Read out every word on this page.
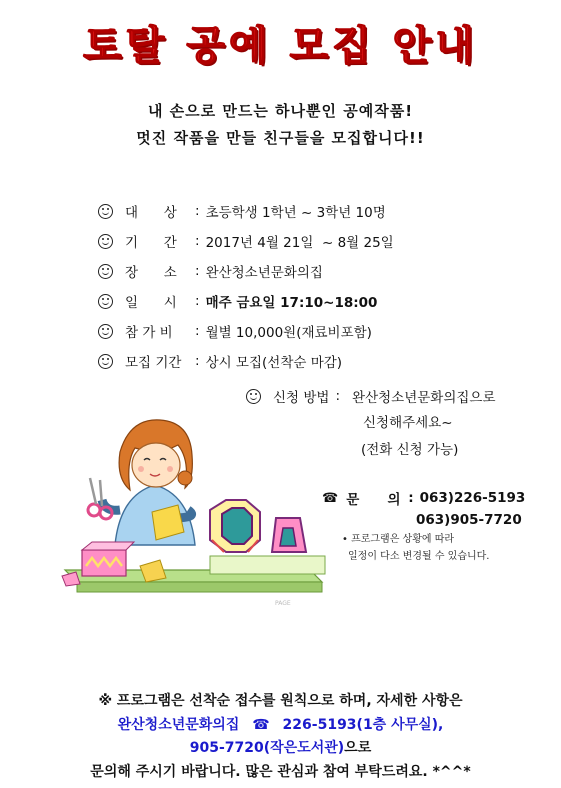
토탈 공예 모집 안내
내 손으로 만드는 하나뿐인 공예작품!
멋진 작품을 만들 친구들을 모집합니다!!
대      상	: 초등학생 1학년 ~ 3학년 10명
기      간	: 2017년 4월 21일  ~ 8월 25일
장      소	: 완산청소년문화의집
일      시	: 매주 금요일 17:10~18:00
참 가 비	: 월별 10,000원(재료비포함)
모집 기간	: 상시 모집(선착순 마감)
신청 방법 : 완산청소년문화의집으로
신청해주세요~
(전화 신청 가능)
☎ 문      의 : 063)226-5193
063)905-7720
• 프로그램은 상황에 따라
일정이 다소 변경될 수 있습니다.
PAGE
※ 프로그램은 선착순 접수를 원칙으로 하며, 자세한 사항은
완산청소년문화의집 ☎ 226-5193(1층 사무실),
905-7720(작은도서관)으로
문의해 주시기 바랍니다. 많은 관심과 참여 부탁드려요. *^^*
